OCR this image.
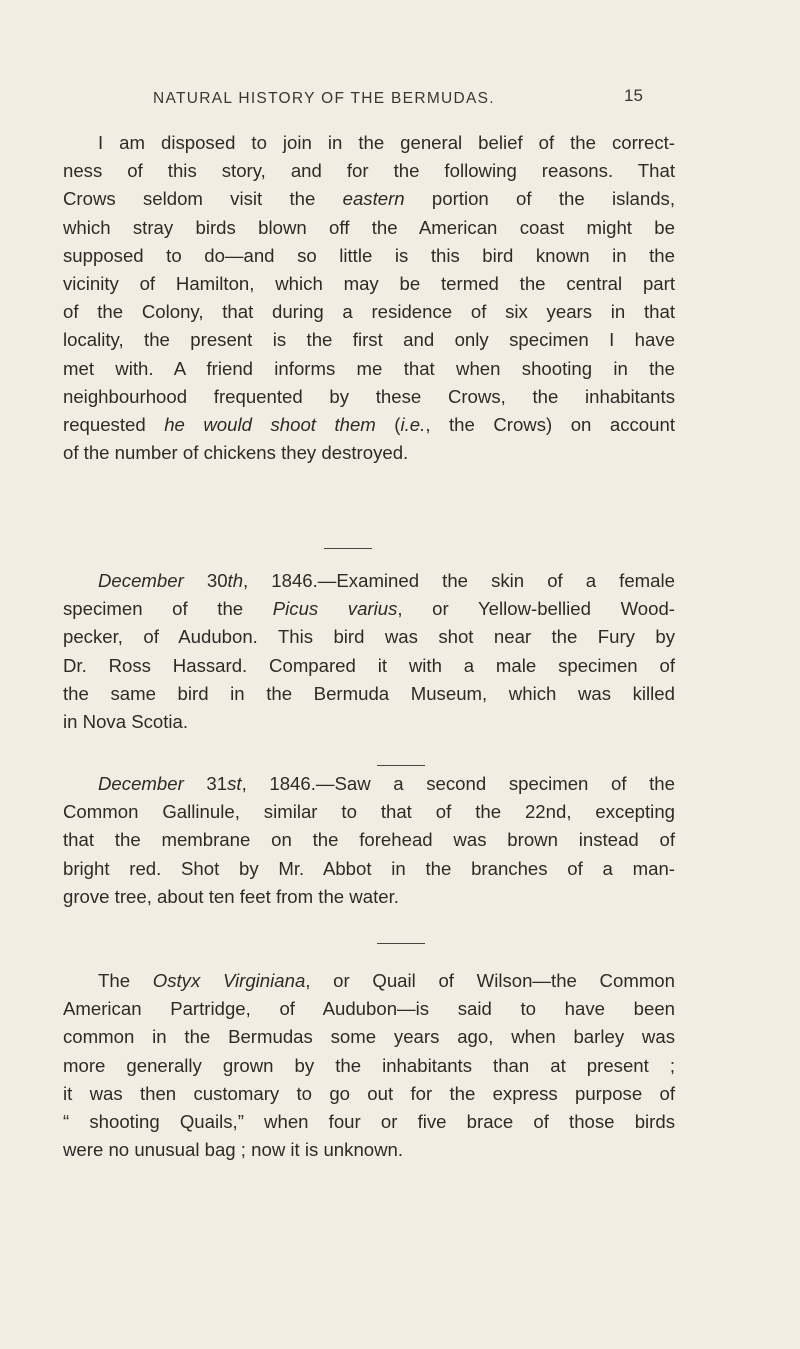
NATURAL HISTORY OF THE BERMUDAS.	15
I am disposed to join in the general belief of the correct-
ness of this story, and for the following reasons. That
Crows seldom visit the eastern portion of the islands,
which stray birds blown off the American coast might be
supposed to do—and so little is this bird known in the
vicinity of Hamilton, which may be termed the central part
of the Colony, that during a residence of six years in that
locality, the present is the first and only specimen I have
met with. A friend informs me that when shooting in the
neighbourhood frequented by these Crows, the inhabitants
requested he would shoot them (i.e., the Crows) on account
of the number of chickens they destroyed.
December 30th, 1846.—Examined the skin of a female
specimen of the Picus varius, or Yellow-bellied Wood-
pecker, of Audubon. This bird was shot near the Fury by
Dr. Ross Hassard. Compared it with a male specimen of
the same bird in the Bermuda Museum, which was killed
in Nova Scotia.
December 31st, 1846.—Saw a second specimen of the
Common Gallinule, similar to that of the 22nd, excepting
that the membrane on the forehead was brown instead of
bright red. Shot by Mr. Abbot in the branches of a man-
grove tree, about ten feet from the water.
The Ostyx Virginiana, or Quail of Wilson—the Common
American Partridge, of Audubon—is said to have been
common in the Bermudas some years ago, when barley was
more generally grown by the inhabitants than at present ;
it was then customary to go out for the express purpose of
“ shooting Quails,” when four or five brace of those birds
were no unusual bag ; now it is unknown.
